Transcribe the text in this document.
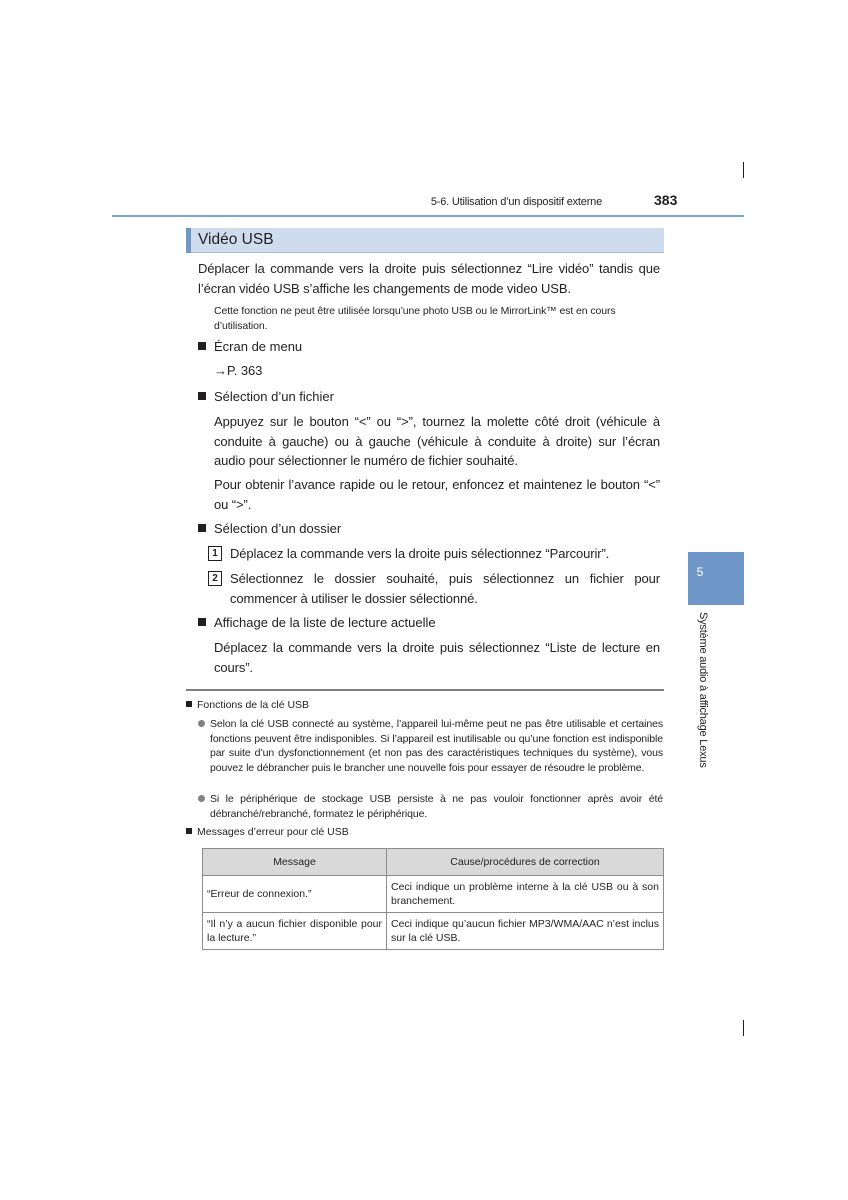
5-6. Utilisation d’un dispositif externe	383
5
Système audio à affichage Lexus
Vidéo USB
Déplacer la commande vers la droite puis sélectionnez “Lire vidéo” tandis que l’écran vidéo USB s’affiche les changements de mode video USB.
Cette fonction ne peut être utilisée lorsqu’une photo USB ou le MirrorLink™ est en cours d’utilisation.
Écran de menu
→P. 363
Sélection d’un fichier
Appuyez sur le bouton “<” ou “>”, tournez la molette côté droit (véhicule à conduite à gauche) ou à gauche (véhicule à conduite à droite) sur l’écran audio pour sélectionner le numéro de fichier souhaité.
Pour obtenir l’avance rapide ou le retour, enfoncez et maintenez le bouton “<” ou “>”.
Sélection d’un dossier
1 Déplacez la commande vers la droite puis sélectionnez “Parcourir”.
2 Sélectionnez le dossier souhaité, puis sélectionnez un fichier pour commencer à utiliser le dossier sélectionné.
Affichage de la liste de lecture actuelle
Déplacez la commande vers la droite puis sélectionnez “Liste de lecture en cours”.
Fonctions de la clé USB
Selon la clé USB connecté au système, l’appareil lui-même peut ne pas être utilisable et certaines fonctions peuvent être indisponibles. Si l’appareil est inutilisable ou qu’une fonction est indisponible par suite d’un dysfonctionnement (et non pas des caractéristiques techniques du système), vous pouvez le débrancher puis le brancher une nouvelle fois pour essayer de résoudre le problème.
Si le périphérique de stockage USB persiste à ne pas vouloir fonctionner après avoir été débranché/rebranché, formatez le périphérique.
Messages d’erreur pour clé USB
Message	Cause/procédures de correction
“Erreur de connexion.”	Ceci indique un problème interne à la clé USB ou à son branchement.
“Il n’y a aucun fichier disponible pour la lecture.”	Ceci indique qu’aucun fichier MP3/WMA/AAC n’est inclus sur la clé USB.
